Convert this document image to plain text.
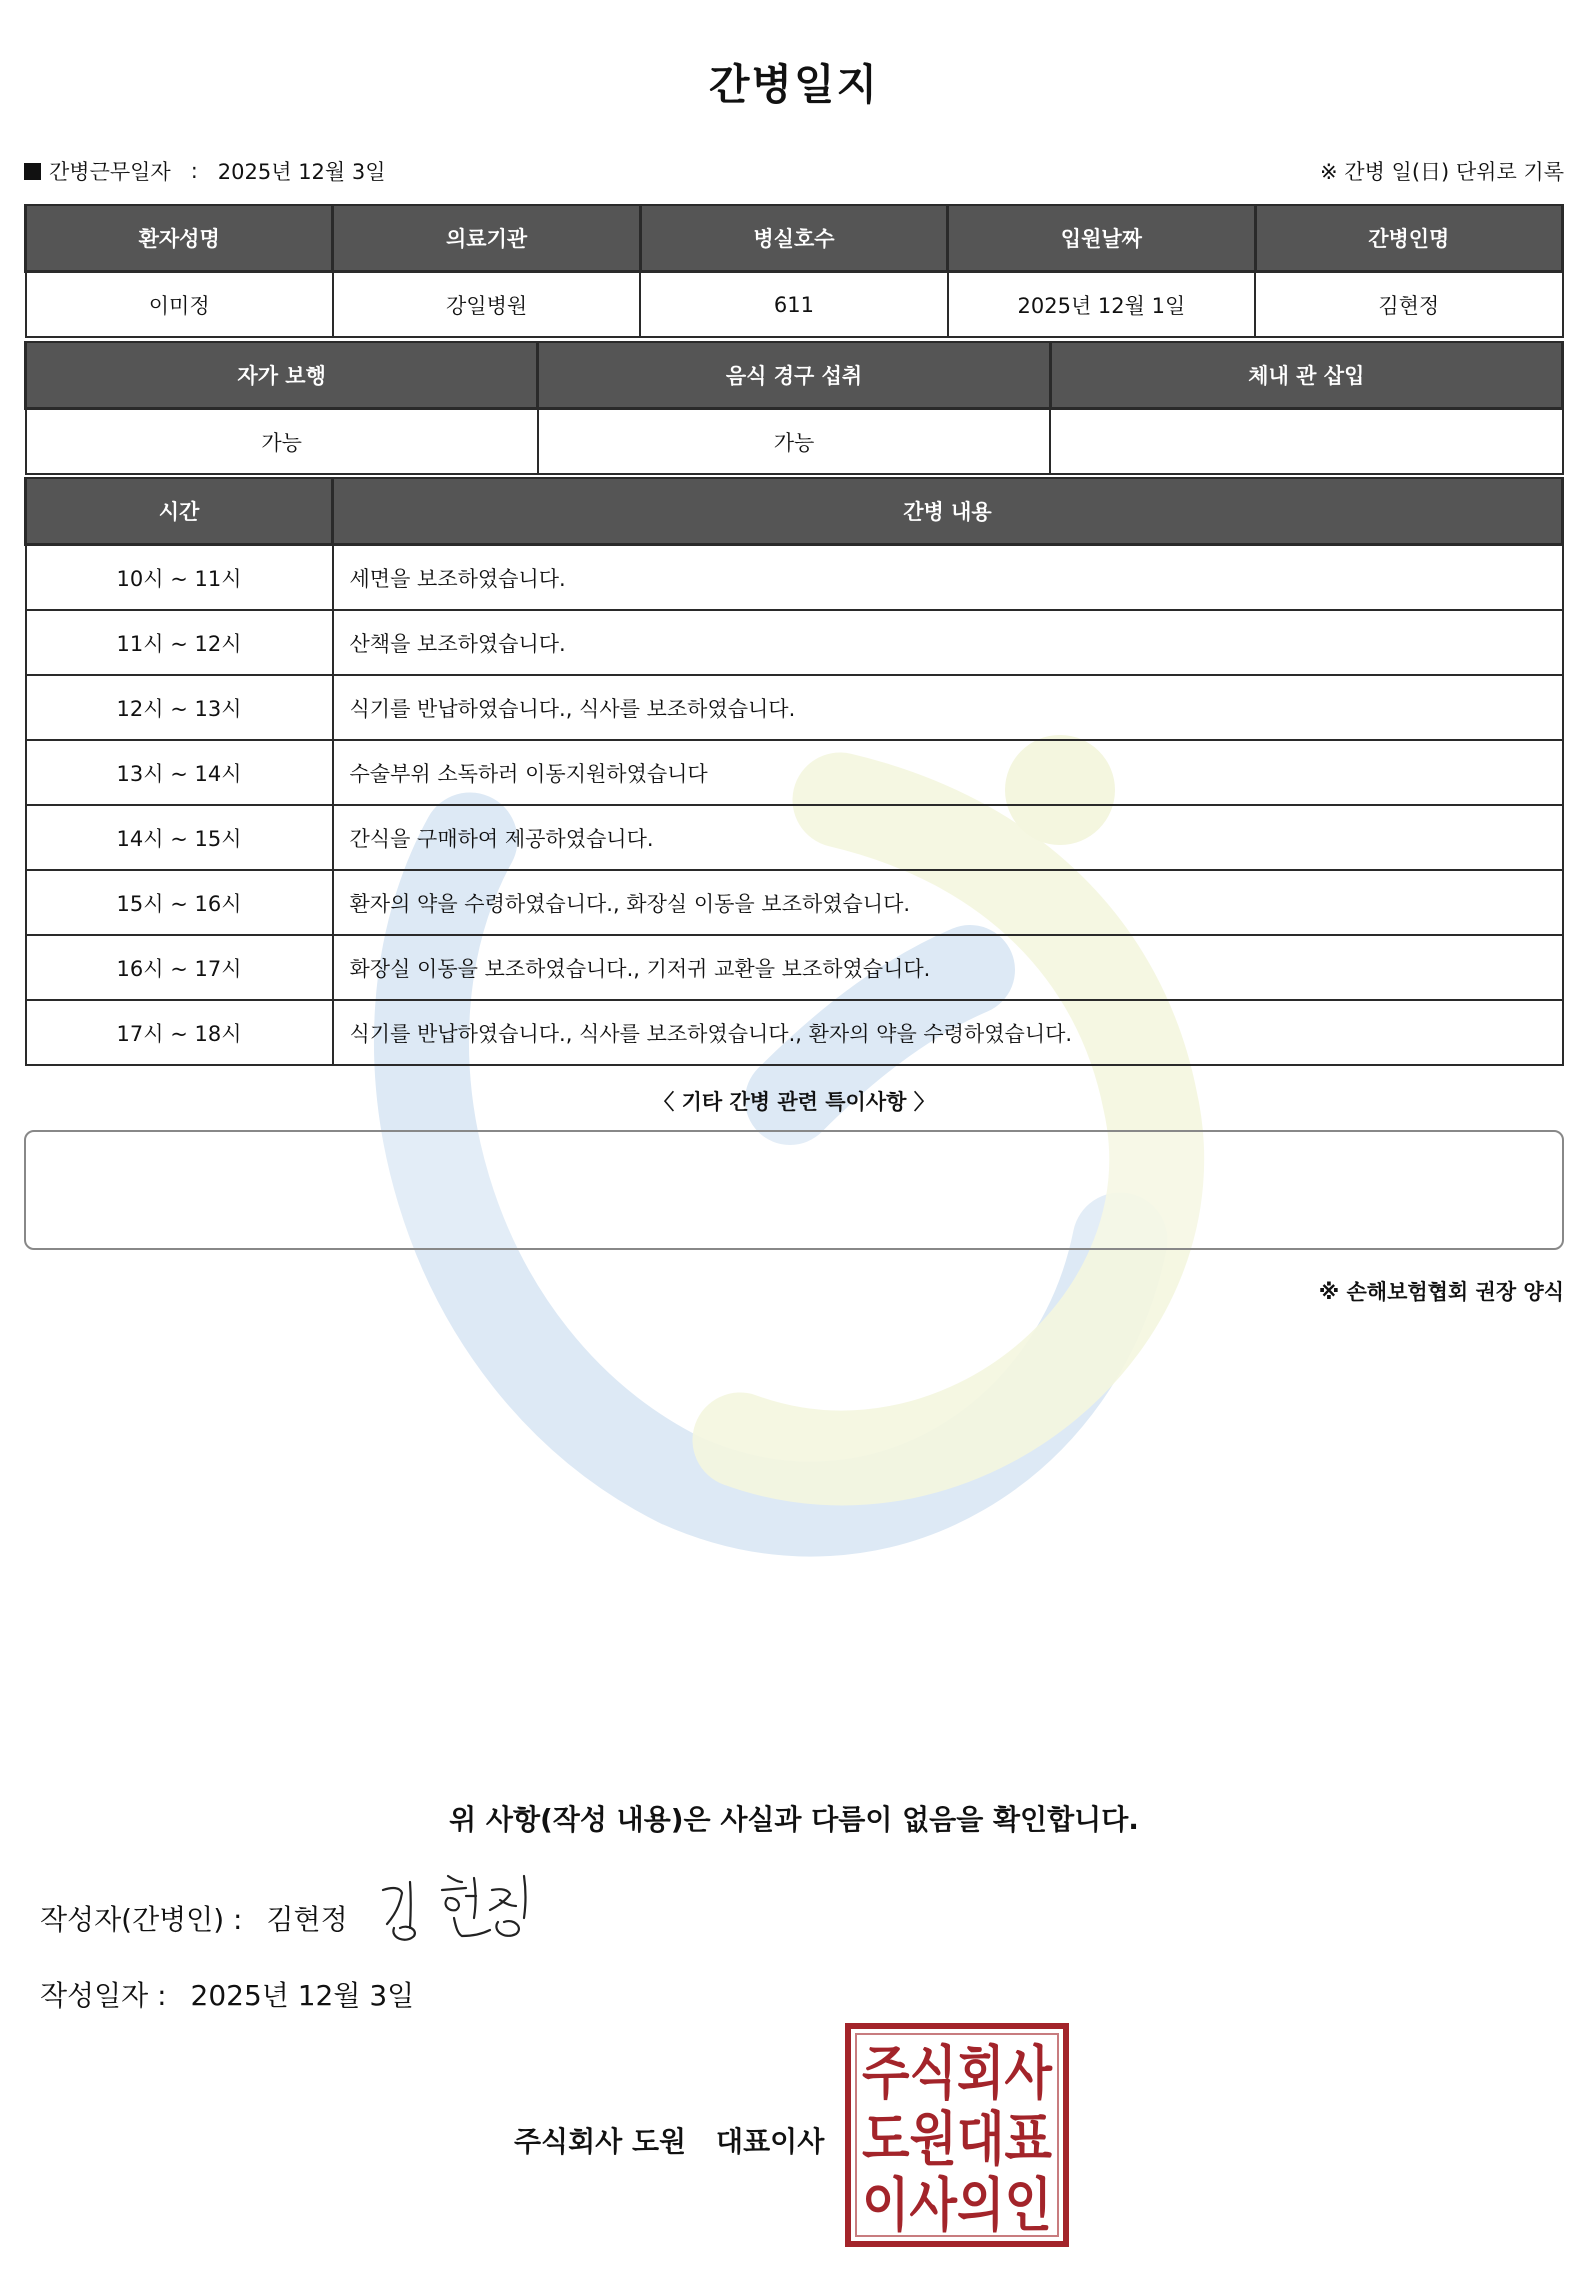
간병일지
간병근무일자 : 2025년 12월 3일	※ 간병 일(日) 단위로 기록
환자성명	의료기관	병실호수	입원날짜	간병인명
이미정	강일병원	611	2025년 12월 1일	김현정
자가 보행	음식 경구 섭취	체내 관 삽입
가능	가능	
시간	간병 내용
10시 ~ 11시	세면을 보조하였습니다.
11시 ~ 12시	산책을 보조하였습니다.
12시 ~ 13시	식기를 반납하였습니다., 식사를 보조하였습니다.
13시 ~ 14시	수술부위 소독하러 이동지원하였습니다
14시 ~ 15시	간식을 구매하여 제공하였습니다.
15시 ~ 16시	환자의 약을 수령하였습니다., 화장실 이동을 보조하였습니다.
16시 ~ 17시	화장실 이동을 보조하였습니다., 기저귀 교환을 보조하였습니다.
17시 ~ 18시	식기를 반납하였습니다., 식사를 보조하였습니다., 환자의 약을 수령하였습니다.
〈 기타 간병 관련 특이사항 〉
※ 손해보험협회 권장 양식
위 사항(작성 내용)은 사실과 다름이 없음을 확인합니다.
작성자(간병인) : 김현정
작성일자 : 2025년 12월 3일
주식회사 도원 대표이사
주식회사
도원대표
이사의인
